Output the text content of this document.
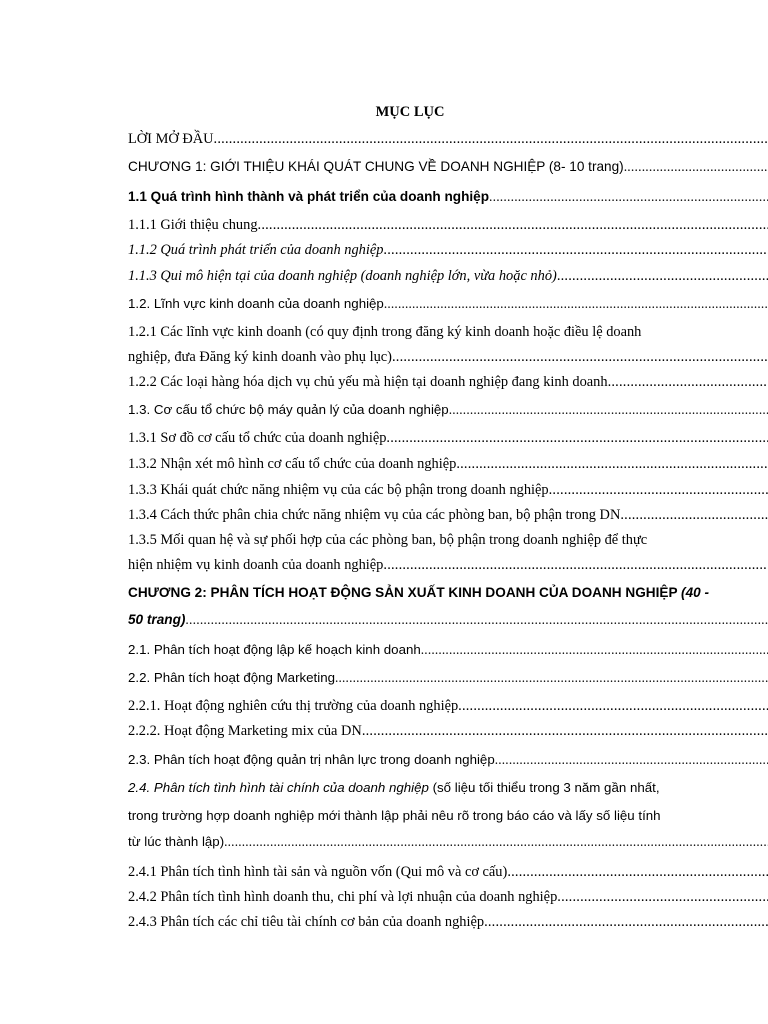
MỤC LỤC
LỜI MỞ ĐẦU .....
CHƯƠNG 1: GIỚI THIỆU KHÁI QUÁT CHUNG VỀ DOANH NGHIỆP (8- 10 trang) .....
1.1 Quá trình hình thành và phát triển của doanh nghiệp .....
1.1.1 Giới thiệu chung .....
1.1.2 Quá trình phát triển của doanh nghiệp .....
1.1.3 Qui mô hiện tại của doanh nghiệp (doanh nghiệp lớn, vừa hoặc nhỏ) .....
1.2. Lĩnh vực kinh doanh của doanh nghiệp .....
1.2.1 Các lĩnh vực kinh doanh (có quy định trong đăng ký kinh doanh hoặc điều lệ doanh
nghiệp, đưa Đăng ký kinh doanh vào phụ lục) .....
1.2.2 Các loại hàng hóa dịch vụ chủ yếu mà hiện tại doanh nghiệp đang kinh doanh .....
1.3. Cơ cấu tổ chức bộ máy quản lý của doanh nghiệp .....
1.3.1 Sơ đồ cơ cấu tổ chức của doanh nghiệp .....
1.3.2 Nhận xét mô hình cơ cấu tổ chức của doanh nghiệp .....
1.3.3 Khái quát chức năng nhiệm vụ của các bộ phận trong doanh nghiệp .....
1.3.4 Cách thức phân chia chức năng nhiệm vụ của các phòng ban, bộ phận trong DN .....
1.3.5 Mối quan hệ và sự phối hợp của các phòng ban, bộ phận trong doanh nghiệp để thực
hiện nhiệm vụ kinh doanh của doanh nghiệp .....
CHƯƠNG 2: PHÂN TÍCH HOẠT ĐỘNG SẢN XUẤT KINH DOANH CỦA DOANH NGHIỆP (40 -
50 trang) .....
2.1. Phân tích hoạt động lập kế hoạch kinh doanh .....
2.2. Phân tích hoạt động Marketing .....
2.2.1. Hoạt động nghiên cứu thị trường của doanh nghiệp .....
2.2.2. Hoạt động Marketing mix của DN .....
2.3. Phân tích hoạt động quản trị nhân lực trong doanh nghiệp .....
2.4. Phân tích tình hình tài chính của doanh nghiệp (số liệu tối thiểu trong 3 năm gần nhất,
trong trường hợp doanh nghiệp mới thành lập phải nêu rõ trong báo cáo và lấy số liệu tính
từ lúc thành lập) .....
2.4.1 Phân tích tình hình tài sản và nguồn vốn (Qui mô và cơ cấu) .....
2.4.2 Phân tích tình hình doanh thu, chi phí và lợi nhuận của doanh nghiệp .....
2.4.3 Phân tích các chỉ tiêu tài chính cơ bản của doanh nghiệp .....
